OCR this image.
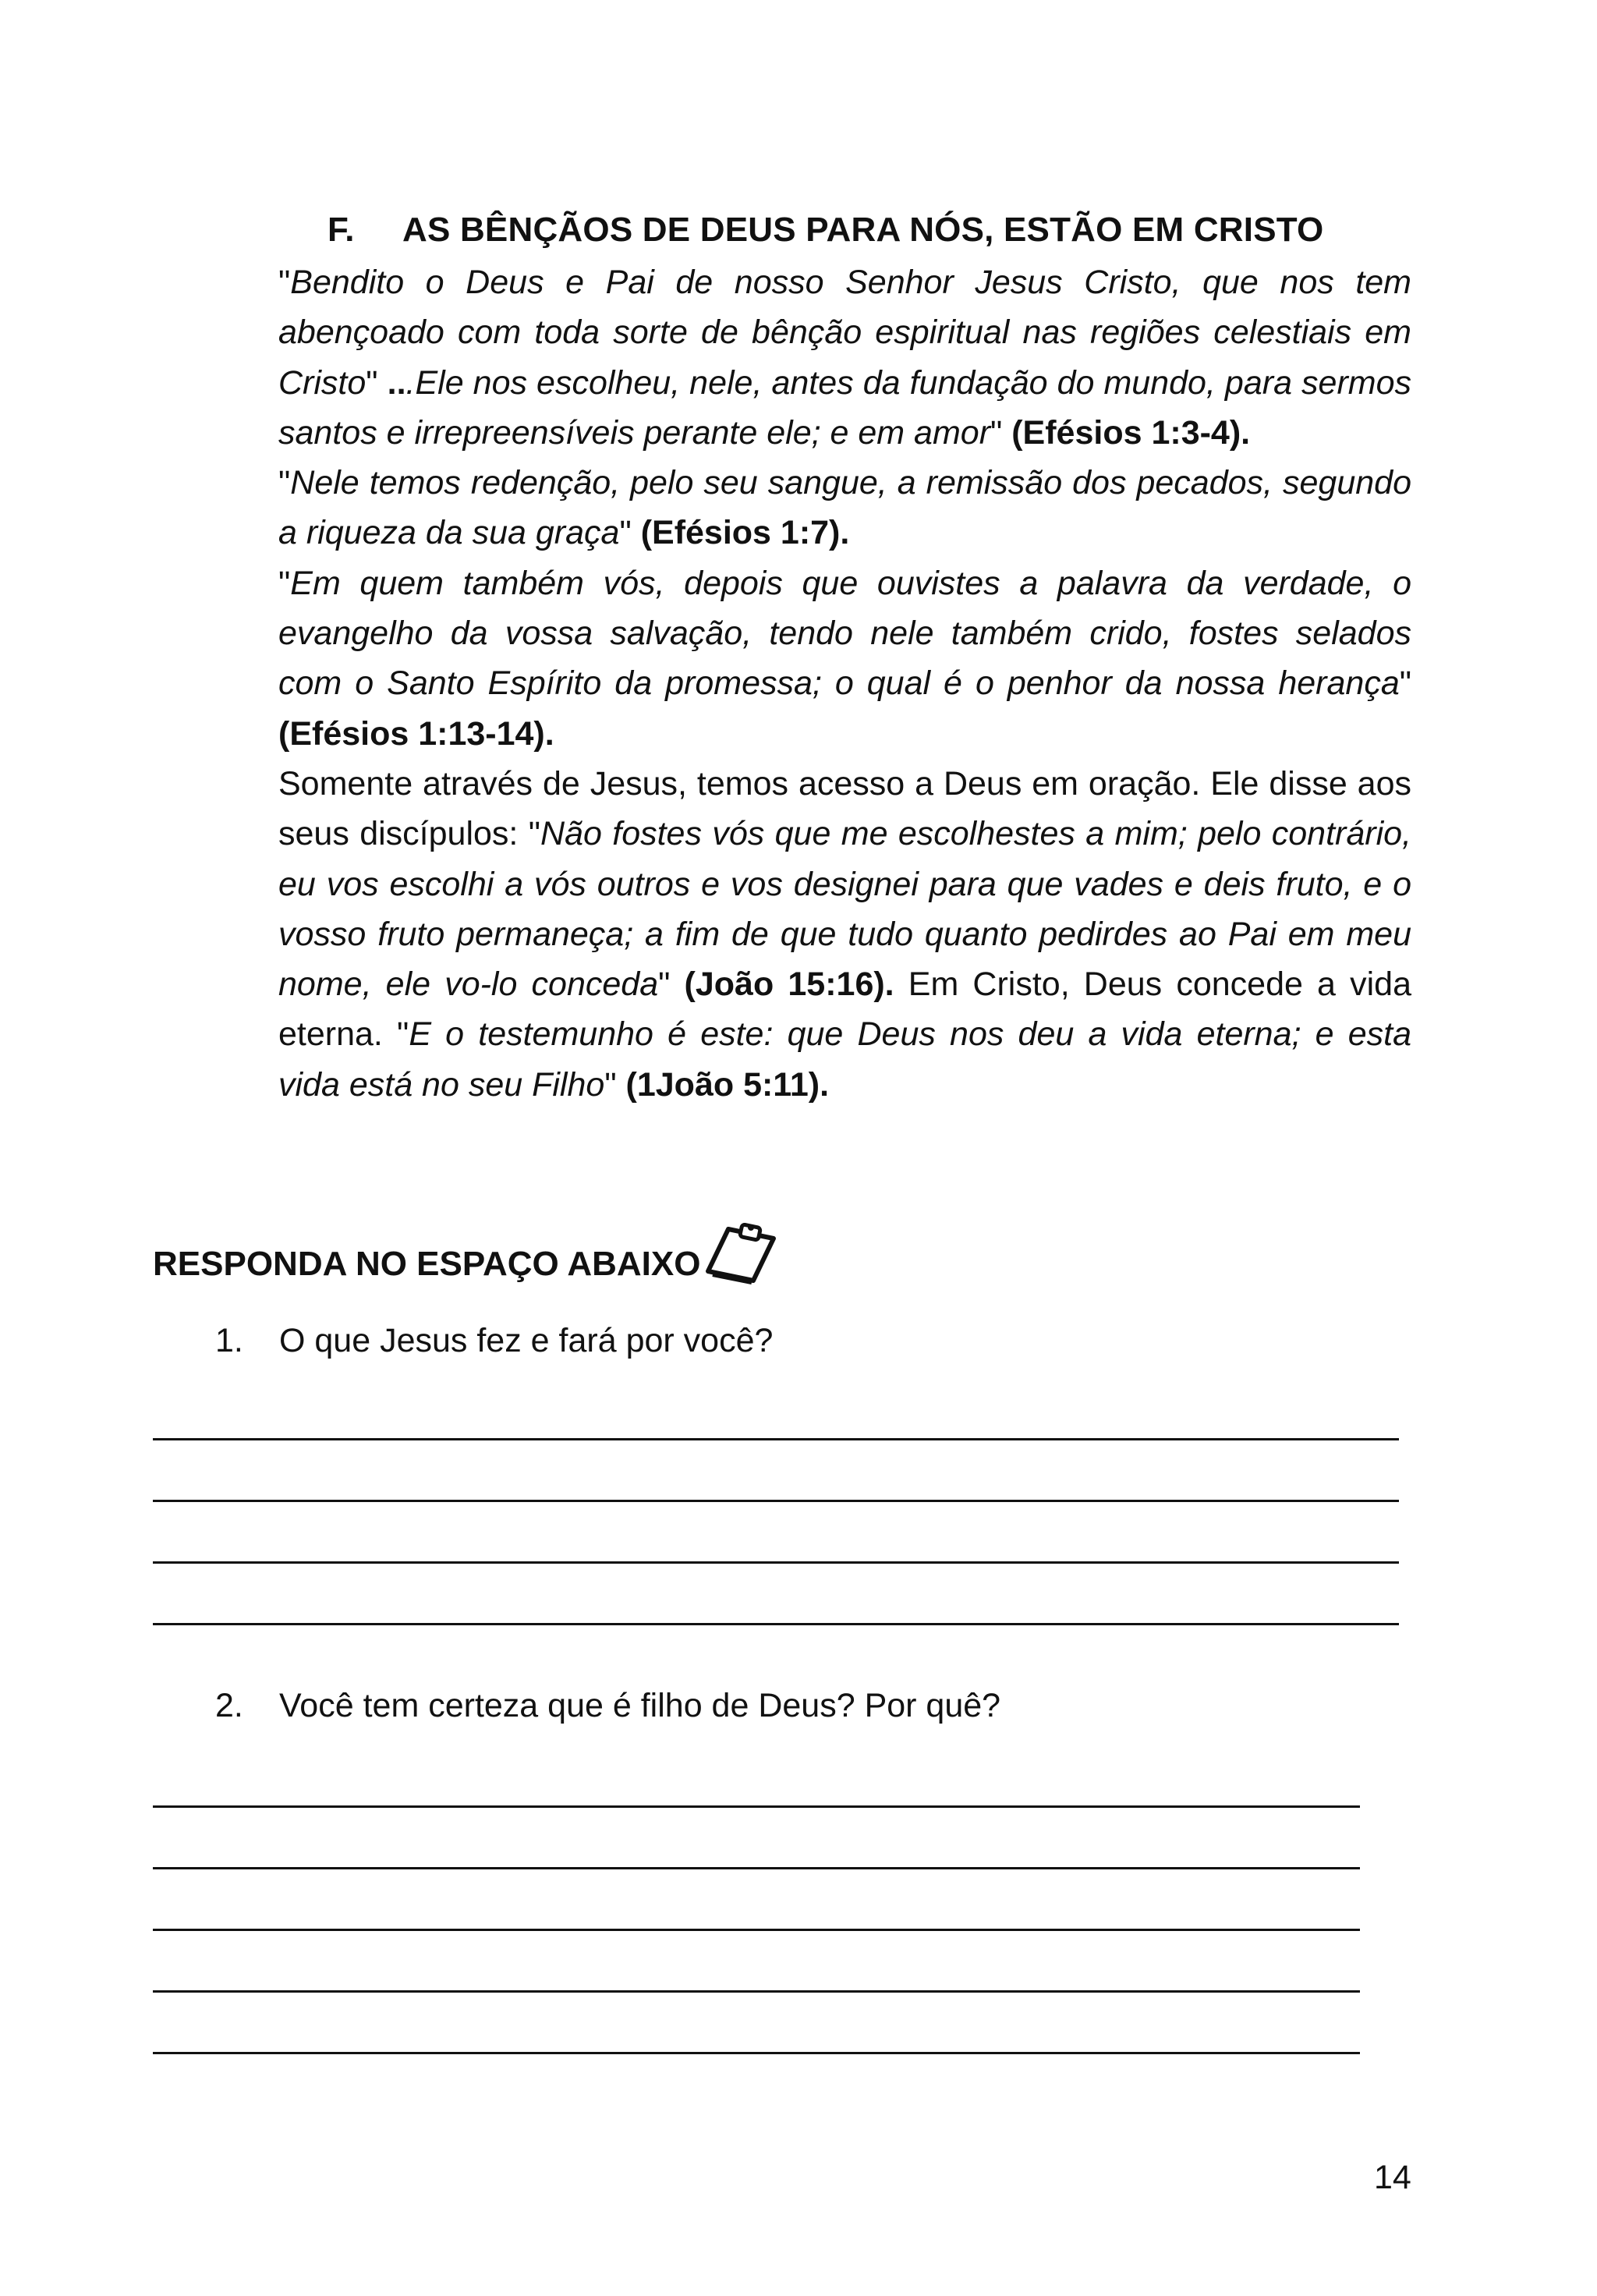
F. AS BÊNÇÃOS DE DEUS PARA NÓS, ESTÃO EM CRISTO

"Bendito o Deus e Pai de nosso Senhor Jesus Cristo, que nos tem abençoado com toda sorte de bênção espiritual nas regiões celestiais em Cristo" ...Ele nos escolheu, nele, antes da fundação do mundo, para sermos santos e irrepreensíveis perante ele; e em amor" (Efésios 1:3-4).

"Nele temos redenção, pelo seu sangue, a remissão dos pecados, segundo a riqueza da sua graça" (Efésios 1:7).

"Em quem também vós, depois que ouvistes a palavra da verdade, o evangelho da vossa salvação, tendo nele também crido, fostes selados com o Santo Espírito da promessa; o qual é o penhor da nossa herança" (Efésios 1:13-14).

Somente através de Jesus, temos acesso a Deus em oração. Ele disse aos seus discípulos: "Não fostes vós que me escolhestes a mim; pelo contrário, eu vos escolhi a vós outros e vos designei para que vades e deis fruto, e o vosso fruto permaneça; a fim de que tudo quanto pedirdes ao Pai em meu nome, ele vo-lo conceda" (João 15:16). Em Cristo, Deus concede a vida eterna. "E o testemunho é este: que Deus nos deu a vida eterna; e esta vida está no seu Filho" (1João 5:11).

RESPONDA NO ESPAÇO ABAIXO
1. O que Jesus fez e fará por você?
2. Você tem certeza que é filho de Deus? Por quê?
14
